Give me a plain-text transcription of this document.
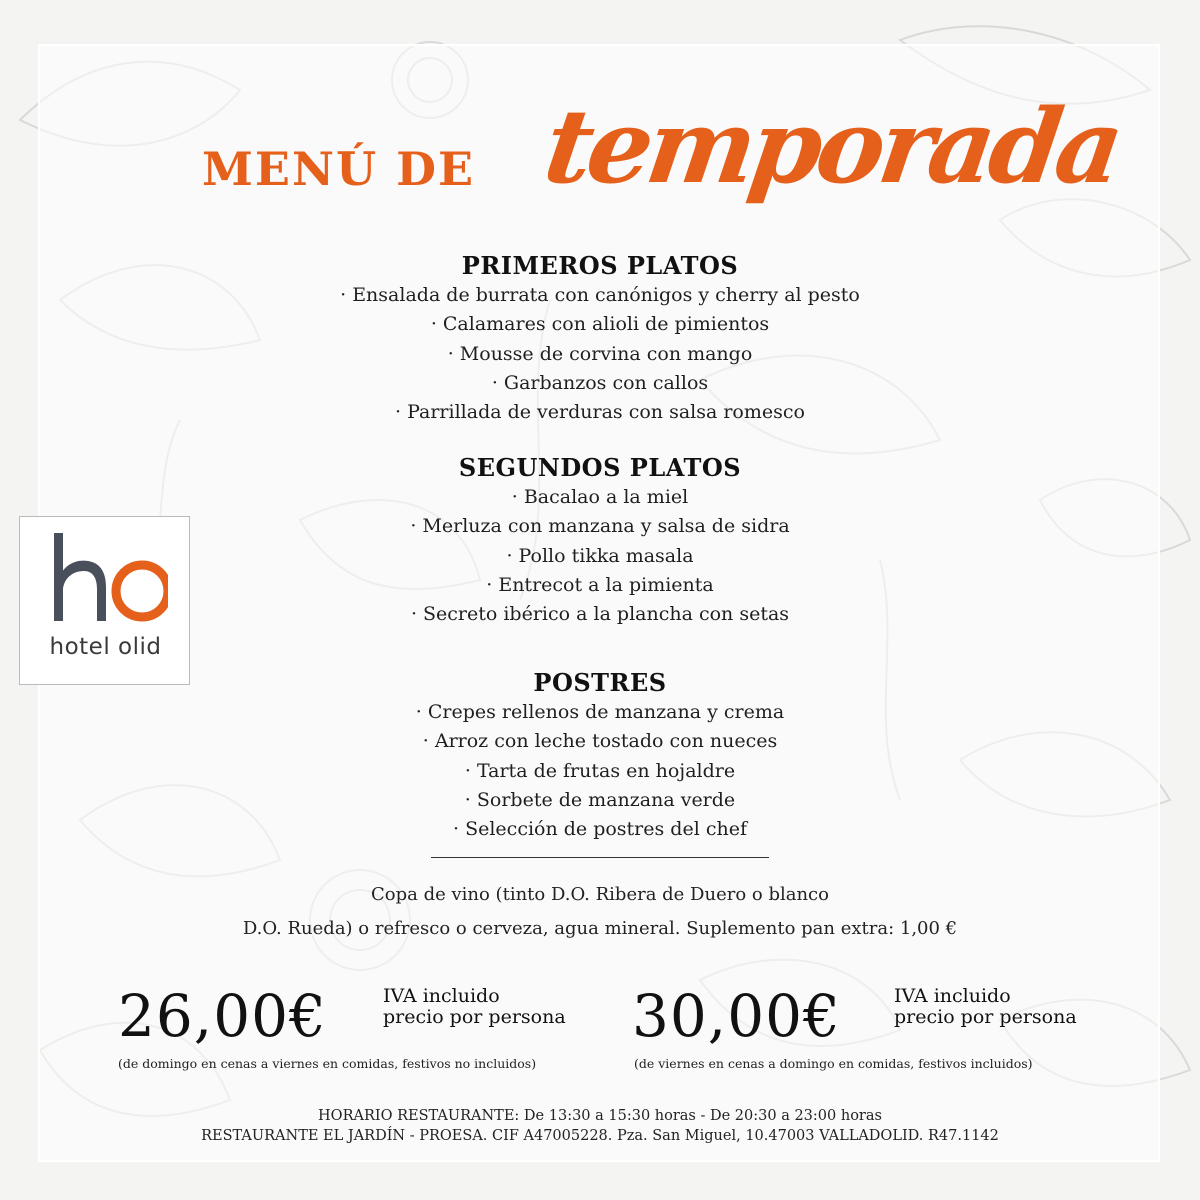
MENÚ DE temporada
PRIMEROS PLATOS

· Ensalada de burrata con canónigos y cherry al pesto

· Calamares con alioli de pimientos

· Mousse de corvina con mango

· Garbanzos con callos

· Parrillada de verduras con salsa romesco

SEGUNDOS PLATOS

· Bacalao a la miel

· Merluza con manzana y salsa de sidra

· Pollo tikka masala

· Entrecot a la pimienta

· Secreto ibérico a la plancha con setas

POSTRES

· Crepes rellenos de manzana y crema

· Arroz con leche tostado con nueces

· Tarta de frutas en hojaldre

· Sorbete de manzana verde

· Selección de postres del chef

Copa de vino (tinto D.O. Ribera de Duero o blanco
D.O. Rueda) o refresco o cerveza, agua mineral. Suplemento pan extra: 1,00 €
26,00€	IVA incluido
precio por persona
(de domingo en cenas a viernes en comidas, festivos no incluidos)
30,00€	IVA incluido
precio por persona
(de viernes en cenas a domingo en comidas, festivos incluidos)
HORARIO RESTAURANTE: De 13:30 a 15:30 horas - De 20:30 a 23:00 horas
RESTAURANTE EL JARDÍN - PROESA. CIF A47005228. Pza. San Miguel, 10.47003 VALLADOLID. R47.1142
hotel olid
